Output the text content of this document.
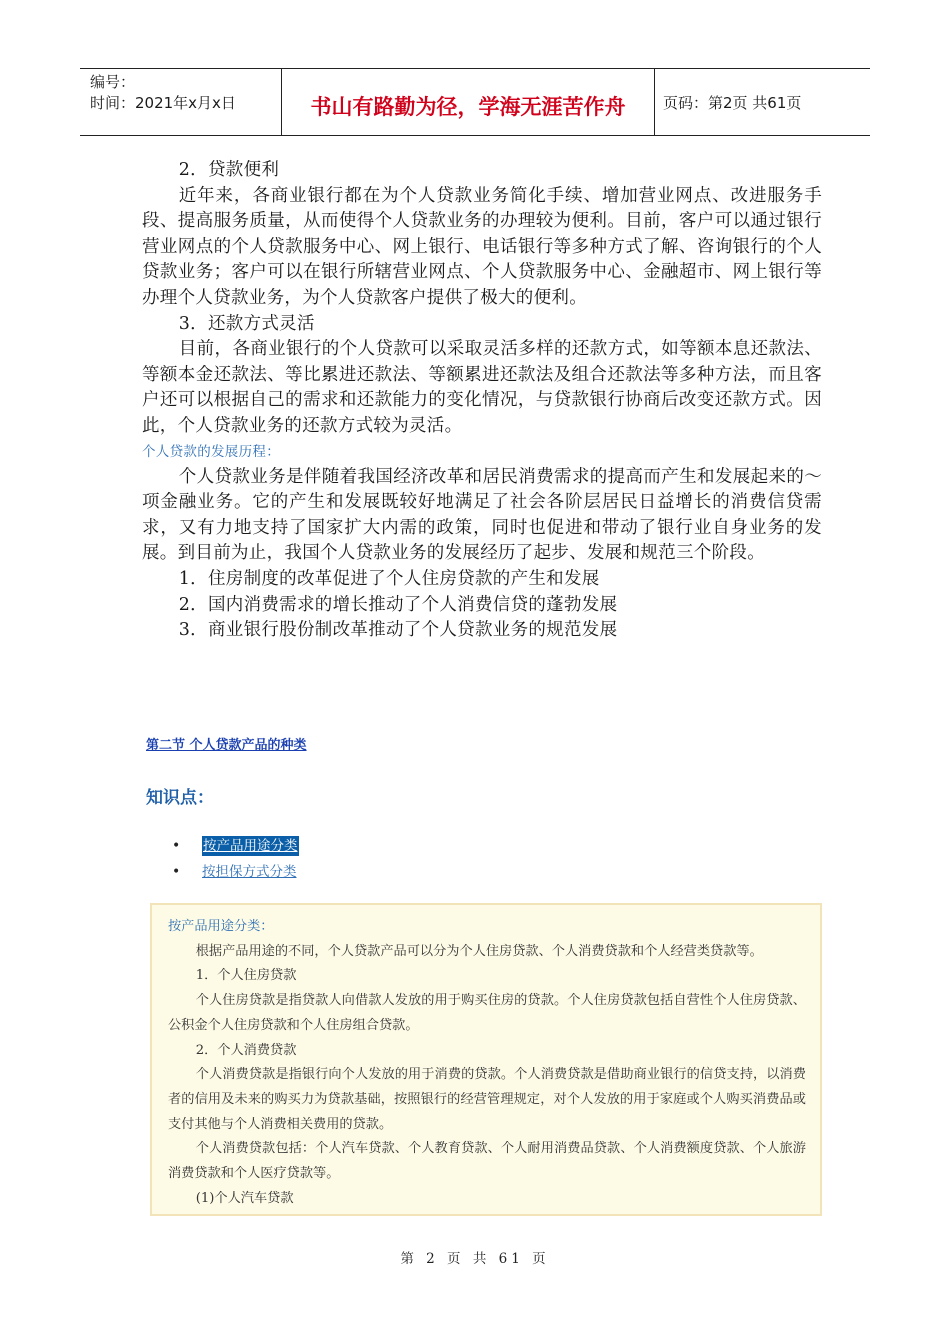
编号：
时间：2021年x月x日	书山有路勤为径，学海无涯苦作舟	页码：第2页 共61页

2．贷款便利

近年来，各商业银行都在为个人贷款业务简化手续、增加营业网点、改进服务手段、提高服务质量，从而使得个人贷款业务的办理较为便利。目前，客户可以通过银行营业网点的个人贷款服务中心、网上银行、电话银行等多种方式了解、咨询银行的个人贷款业务；客户可以在银行所辖营业网点、个人贷款服务中心、金融超市、网上银行等办理个人贷款业务，为个人贷款客户提供了极大的便利。

3．还款方式灵活

目前，各商业银行的个人贷款可以采取灵活多样的还款方式，如等额本息还款法、等额本金还款法、等比累进还款法、等额累进还款法及组合还款法等多种方法，而且客户还可以根据自己的需求和还款能力的变化情况，与贷款银行协商后改变还款方式。因此，个人贷款业务的还款方式较为灵活。

个人贷款的发展历程：

个人贷款业务是伴随着我国经济改革和居民消费需求的提高而产生和发展起来的～项金融业务。它的产生和发展既较好地满足了社会各阶层居民日益增长的消费信贷需求，又有力地支持了国家扩大内需的政策，同时也促进和带动了银行业自身业务的发展。到目前为止，我国个人贷款业务的发展经历了起步、发展和规范三个阶段。

1．住房制度的改革促进了个人住房贷款的产生和发展

2．国内消费需求的增长推动了个人消费信贷的蓬勃发展

3．商业银行股份制改革推动了个人贷款业务的规范发展

第二节 个人贷款产品的种类
知识点：
•	按产品用途分类
•	按担保方式分类

按产品用途分类：

根据产品用途的不同，个人贷款产品可以分为个人住房贷款、个人消费贷款和个人经营类贷款等。

1．个人住房贷款

个人住房贷款是指贷款人向借款人发放的用于购买住房的贷款。个人住房贷款包括自营性个人住房贷款、公积金个人住房贷款和个人住房组合贷款。

2．个人消费贷款

个人消费贷款是指银行向个人发放的用于消费的贷款。个人消费贷款是借助商业银行的信贷支持，以消费者的信用及未来的购买力为贷款基础，按照银行的经营管理规定，对个人发放的用于家庭或个人购买消费品或支付其他与个人消费相关费用的贷款。

个人消费贷款包括：个人汽车贷款、个人教育贷款、个人耐用消费品贷款、个人消费额度贷款、个人旅游消费贷款和个人医疗贷款等。

(1)个人汽车贷款

第 2 页 共 61 页
